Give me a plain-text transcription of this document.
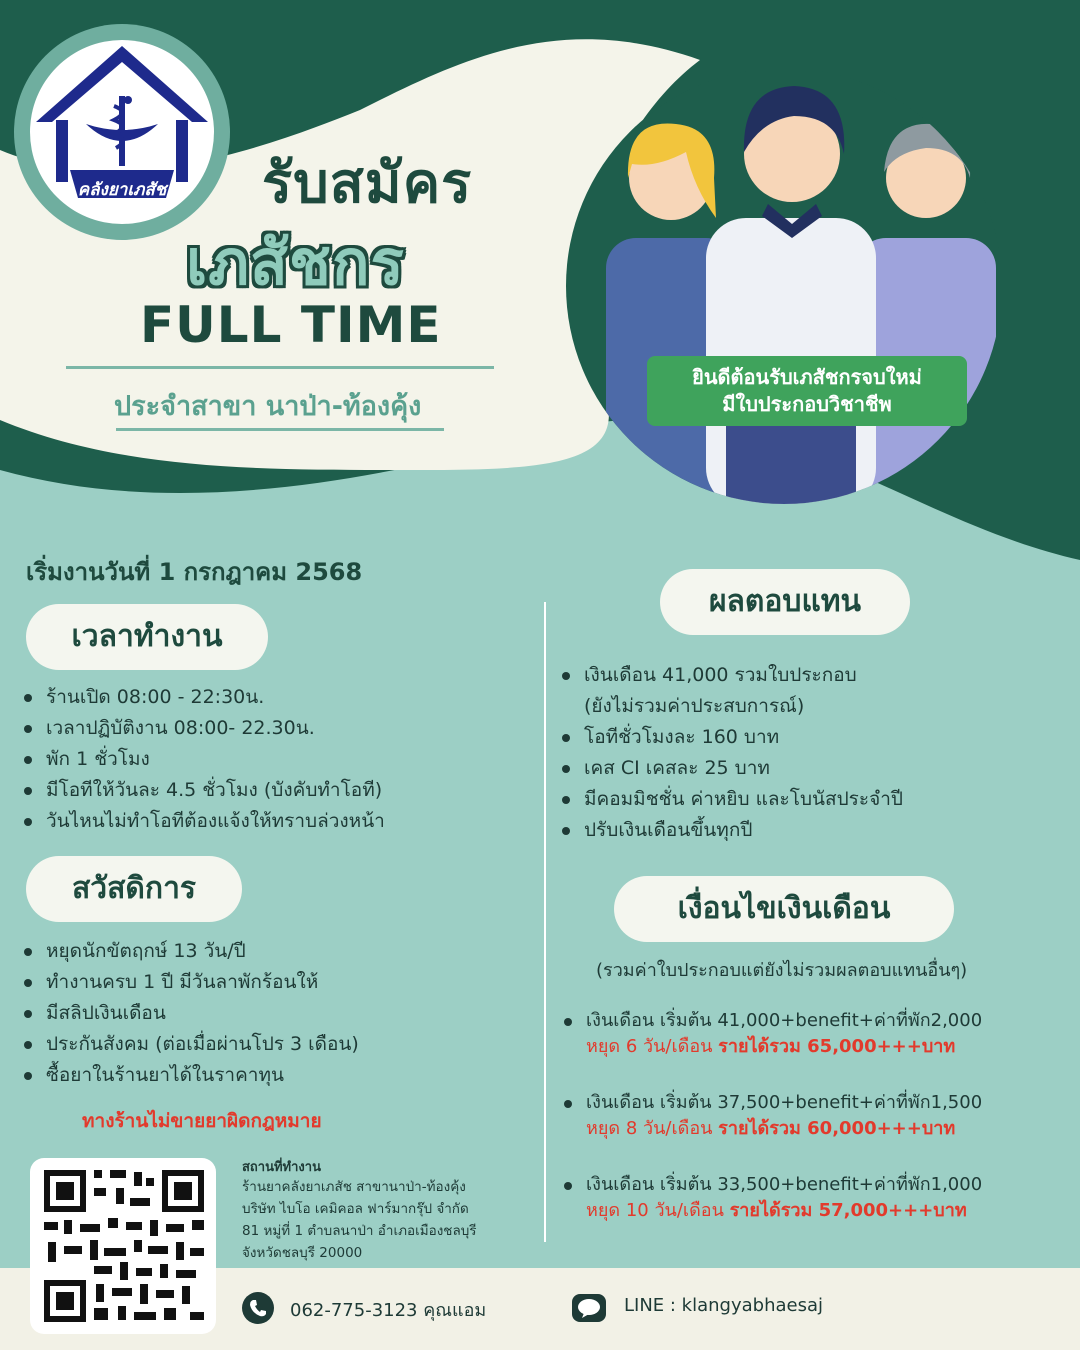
คลังยาเภสัช	รับสมัคร
เภสัชกร
FULL TIME
ประจำสาขา นาป่า-ท้องคุ้ง
ยินดีต้อนรับเภสัชกรจบใหม่
มีใบประกอบวิชาชีพ
เริ่มงานวันที่ 1 กรกฎาคม 2568
เวลาทำงาน
ร้านเปิด 08:00 - 22:30น.
เวลาปฏิบัติงาน 08:00- 22.30น.
พัก 1 ชั่วโมง
มีโอทีให้วันละ 4.5 ชั่วโมง (บังคับทำโอที)
วันไหนไม่ทำโอทีต้องแจ้งให้ทราบล่วงหน้า
สวัสดิการ
หยุดนักขัตฤกษ์ 13 วัน/ปี
ทำงานครบ 1 ปี มีวันลาพักร้อนให้
มีสลิปเงินเดือน
ประกันสังคม (ต่อเมื่อผ่านโปร 3 เดือน)
ซื้อยาในร้านยาได้ในราคาทุน
ทางร้านไม่ขายยาผิดกฎหมาย
ผลตอบแทน
เงินเดือน 41,000 รวมใบประกอบ
(ยังไม่รวมค่าประสบการณ์)
โอทีชั่วโมงละ 160 บาท
เคส CI เคสละ 25 บาท
มีคอมมิชชั่น ค่าหยิบ และโบนัสประจำปี
ปรับเงินเดือนขึ้นทุกปี
เงื่อนไขเงินเดือน
(รวมค่าใบประกอบแต่ยังไม่รวมผลตอบแทนอื่นๆ)
เงินเดือน เริ่มต้น 41,000+benefit+ค่าที่พัก2,000
หยุด 6 วัน/เดือน รายได้รวม 65,000+++บาท
เงินเดือน เริ่มต้น 37,500+benefit+ค่าที่พัก1,500
หยุด 8 วัน/เดือน รายได้รวม 60,000+++บาท
เงินเดือน เริ่มต้น 33,500+benefit+ค่าที่พัก1,000
หยุด 10 วัน/เดือน รายได้รวม 57,000+++บาท
สถานที่ทำงาน
ร้านยาคลังยาเภสัช สาขานาป่า-ท้องคุ้ง
บริษัท ไบโอ เคมิคอล ฟาร์มากรุ๊ป จำกัด
81 หมู่ที่ 1 ตำบลนาป่า อำเภอเมืองชลบุรี
จังหวัดชลบุรี 20000
062-775-3123 คุณแอม	LINE : klangyabhaesaj
